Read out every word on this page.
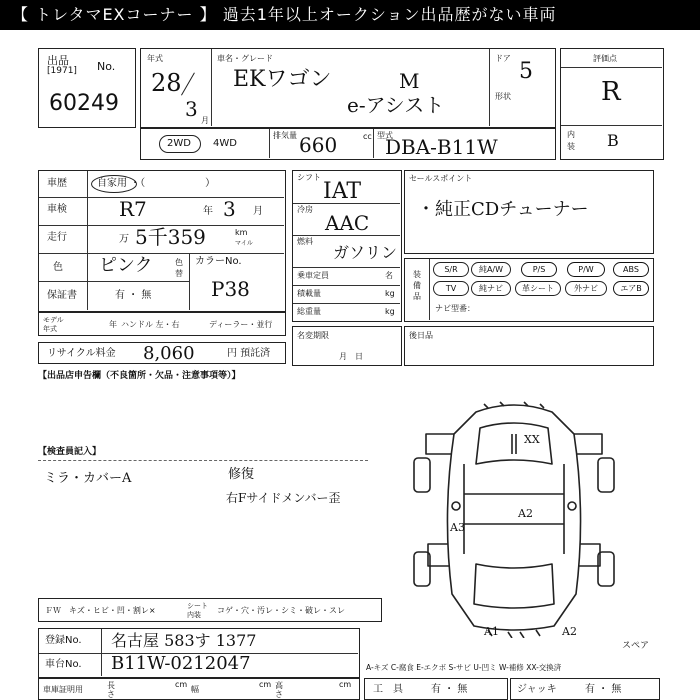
【 トレタマEXコーナー 】 過去1年以上オークション出品歴がない車両
出品
[1971] No.
60249
年式
28
3 月
車名・グレード
EKワゴン	M
e-アシスト
ドア
5
形状
評価点
R
内装 B
2WD 4WD
排気量 660	cc 型式
DBA-B11W
車歴	自家用 ・（　　　　　　）
車検	R7	年 3 月
走行	万 5千359	km
マイル
色 ピンク	色替
カラーNo.
P38
保証書	有 ・ 無
モデル年式	年 ハンドル 左・右	ディーラー・並行
リサイクル料金 8,060	円 預託済
シフト
IAT
冷房
AAC
燃料
ガソリン
乗車定員	名
積載量	kg
総重量	kg
名変期限
月　日
セールスポイント
・純正CDチューナー
装備品
S/R	純A/W	P/S	P/W	ABS
TV	純ナビ	革シート	外ナビ	エアB
ナビ型番：
後日品
【出品店申告欄（不良箇所・欠品・注意事項等）】
【検査員記入】
ミラ・カバーA	修復
右Fサイドメンバー歪
XX
A2
A3
A1	A2
スペア
ＦＷ　キズ・ヒビ・凹・割レ×	シート内装	コゲ・穴・汚レ・シミ・破レ・スレ
登録No. 名古屋 583す 1377
車台No. B11W-0212047
車庫証明用	長さ
cm
幅
cm 高さ
cm
A-キズ C-腐食 E-エクボ S-サビ U-凹ミ W-補修 XX-交換済
工　具	有 ・ 無	ジャッキ	有 ・ 無
